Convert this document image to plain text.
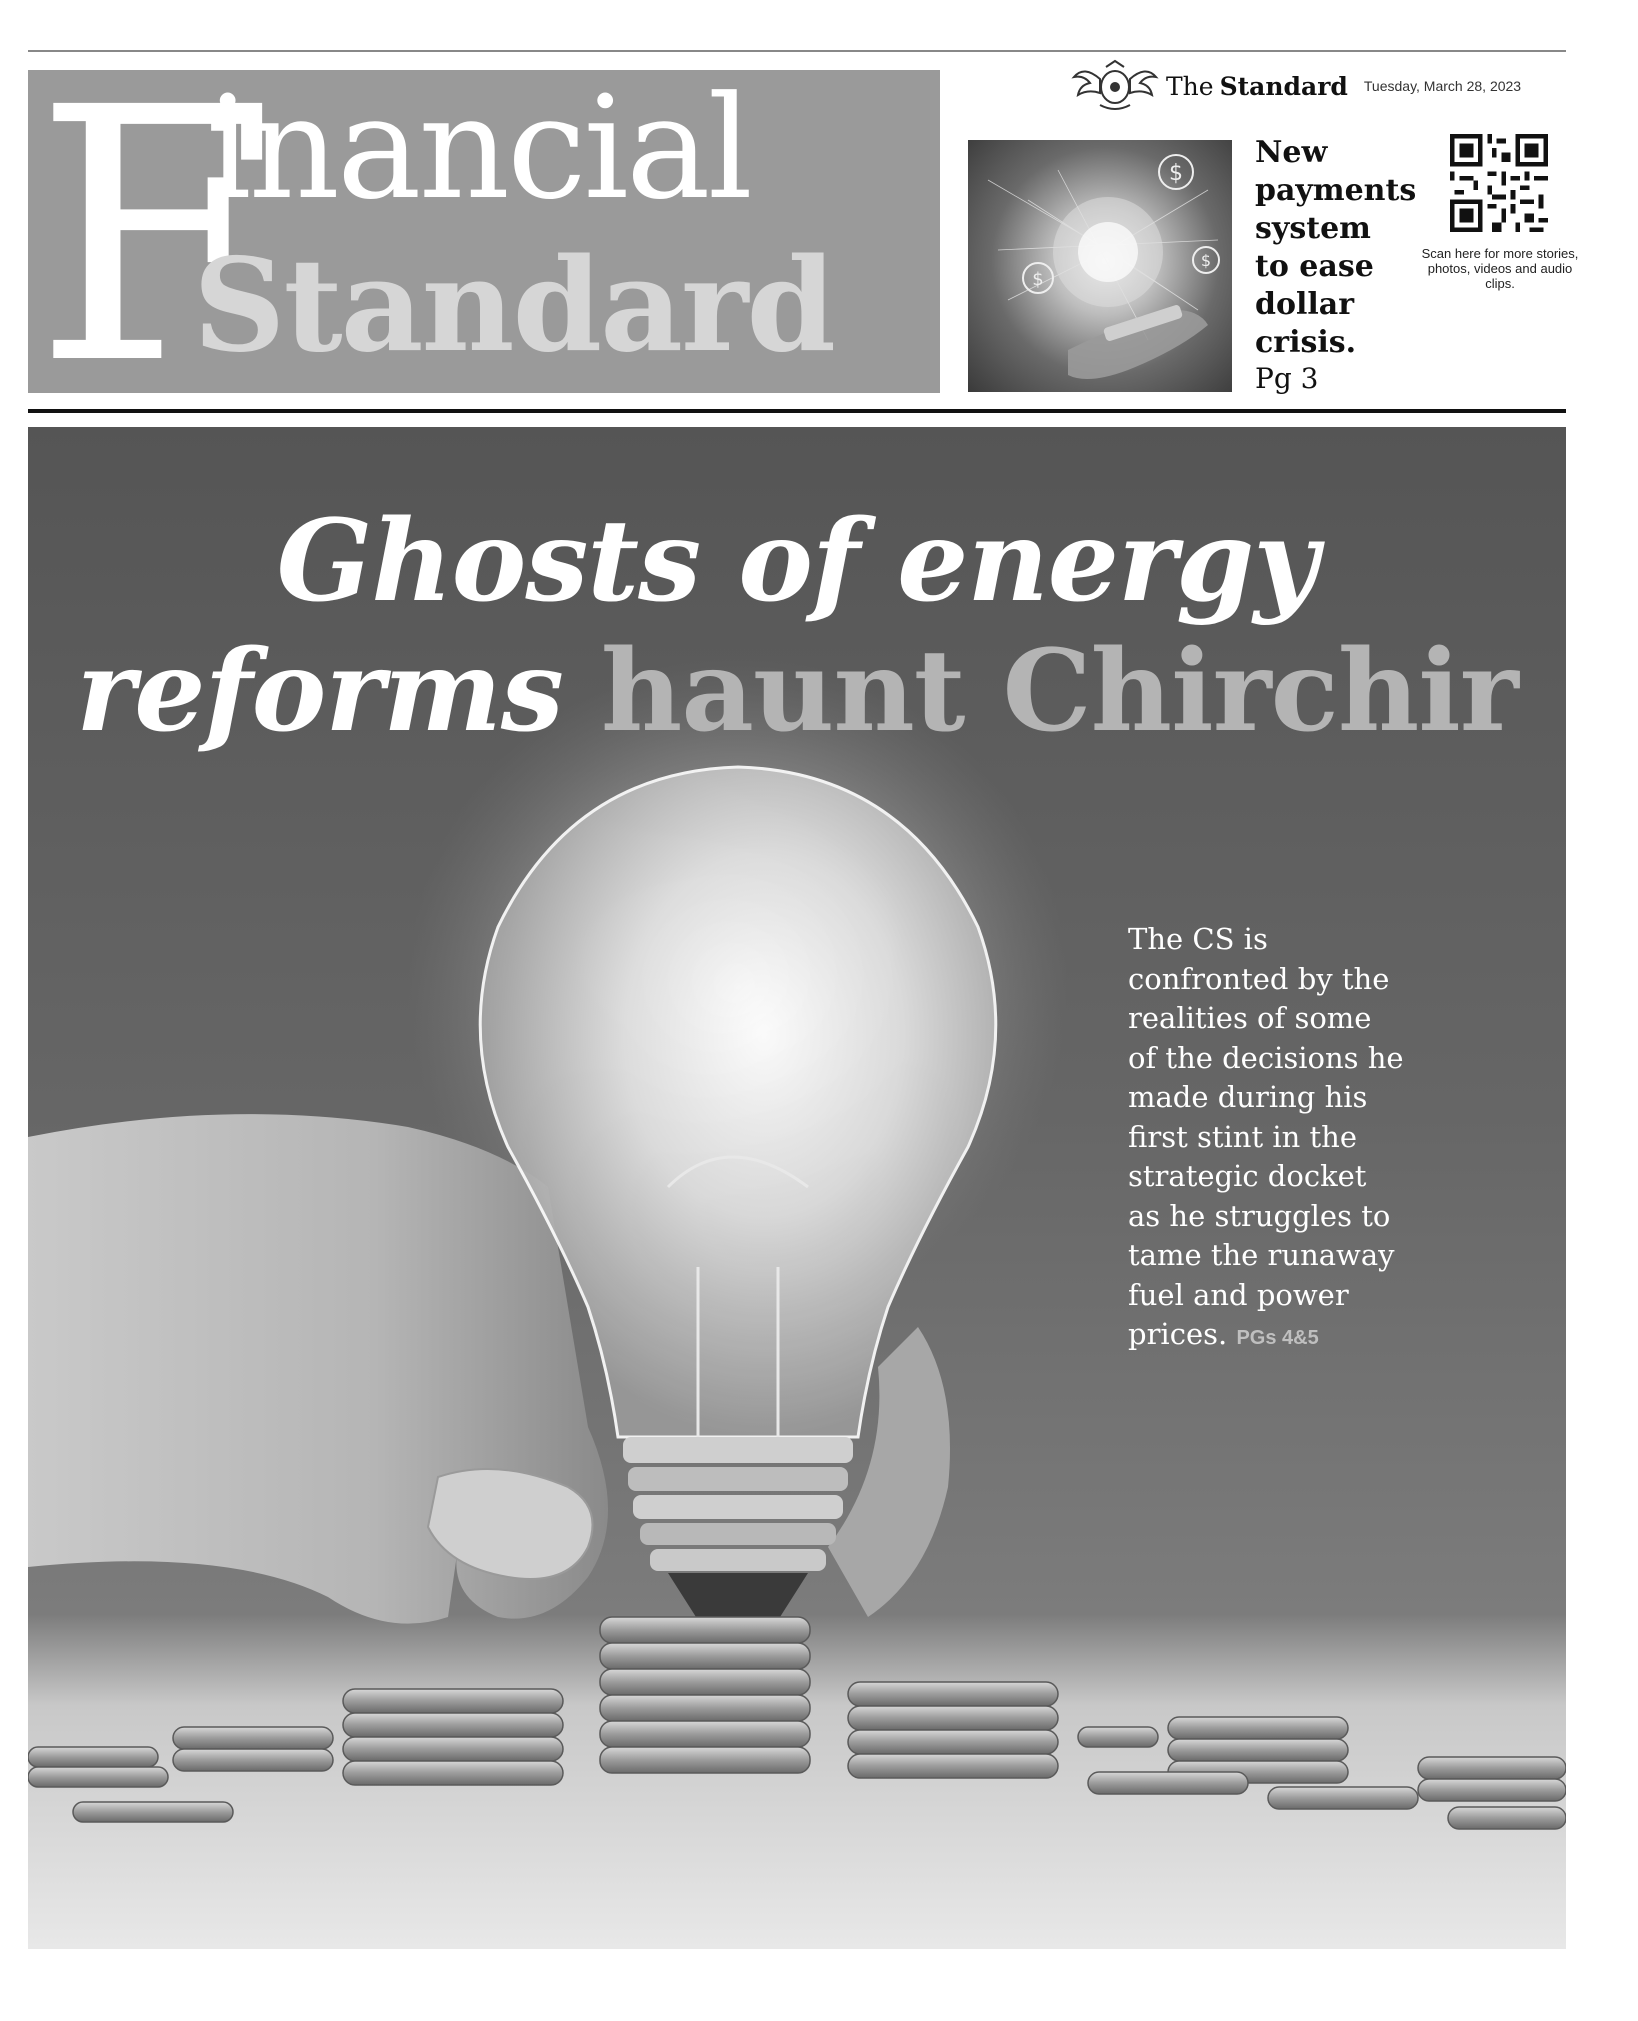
F
inancial
Standard
The Standard Tuesday, March 28, 2023
$
$
$
New
payments
system
to ease
dollar
crisis.
Pg 3
Scan here for more stories, photos, videos and audio clips.
Ghosts of energy
reforms haunt Chirchir
The CS is
confronted by the
realities of some
of the decisions he
made during his
first stint in the
strategic docket
as he struggles to
tame the runaway
fuel and power
prices. PGs 4&5
